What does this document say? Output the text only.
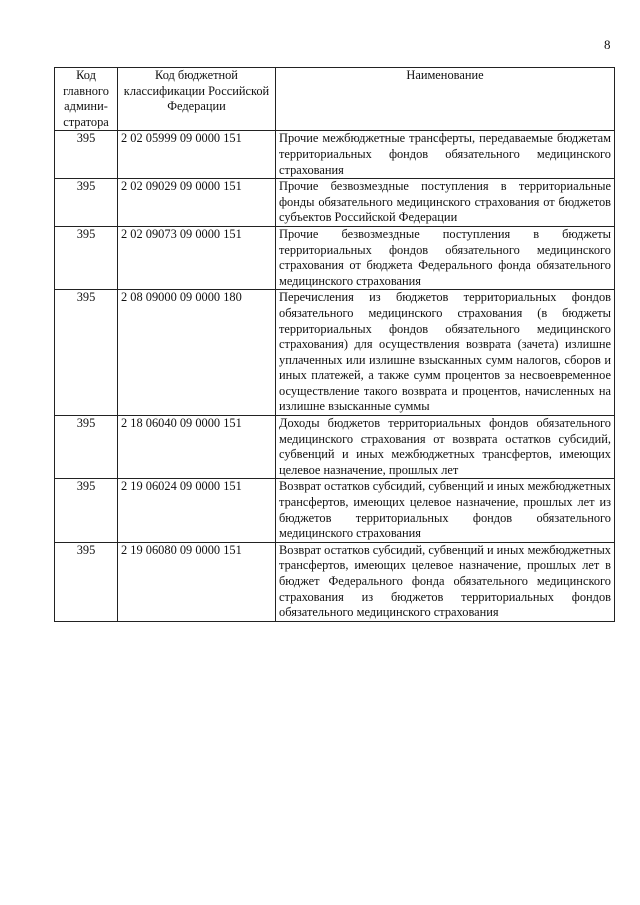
8
Код главного админи-стратора	Код бюджетной классификации Российской Федерации	Наименование

395	2 02 05999 09 0000 151	Прочие межбюджетные трансферты, передаваемые бюджетам территориальных фондов обязательного медицинского страхования
395	2 02 09029 09 0000 151	Прочие безвозмездные поступления в территориальные фонды обязательного медицинского страхования от бюджетов субъектов Российской Федерации
395	2 02 09073 09 0000 151	Прочие безвозмездные поступления в бюджеты территориальных фондов обязательного медицинского страхования от бюджета Федерального фонда обязательного медицинского страхования
395	2 08 09000 09 0000 180	Перечисления из бюджетов территориальных фондов обязательного медицинского страхования (в бюджеты территориальных фондов обязательного медицинского страхования) для осуществления возврата (зачета) излишне уплаченных или излишне взысканных сумм налогов, сборов и иных платежей, а также сумм процентов за несвоевременное осуществление такого возврата и процентов, начисленных на излишне взысканные суммы
395	2 18 06040 09 0000 151	Доходы бюджетов территориальных фондов обязательного медицинского страхования от возврата остатков субсидий, субвенций и иных межбюджетных трансфертов, имеющих целевое назначение, прошлых лет
395	2 19 06024 09 0000 151	Возврат остатков субсидий, субвенций и иных межбюджетных трансфертов, имеющих целевое назначение, прошлых лет из бюджетов территориальных фондов обязательного медицинского страхования
395	2 19 06080 09 0000 151	Возврат остатков субсидий, субвенций и иных межбюджетных трансфертов, имеющих целевое назначение, прошлых лет в бюджет Федерального фонда обязательного медицинского страхования из бюджетов территориальных фондов обязательного медицинского страхования
